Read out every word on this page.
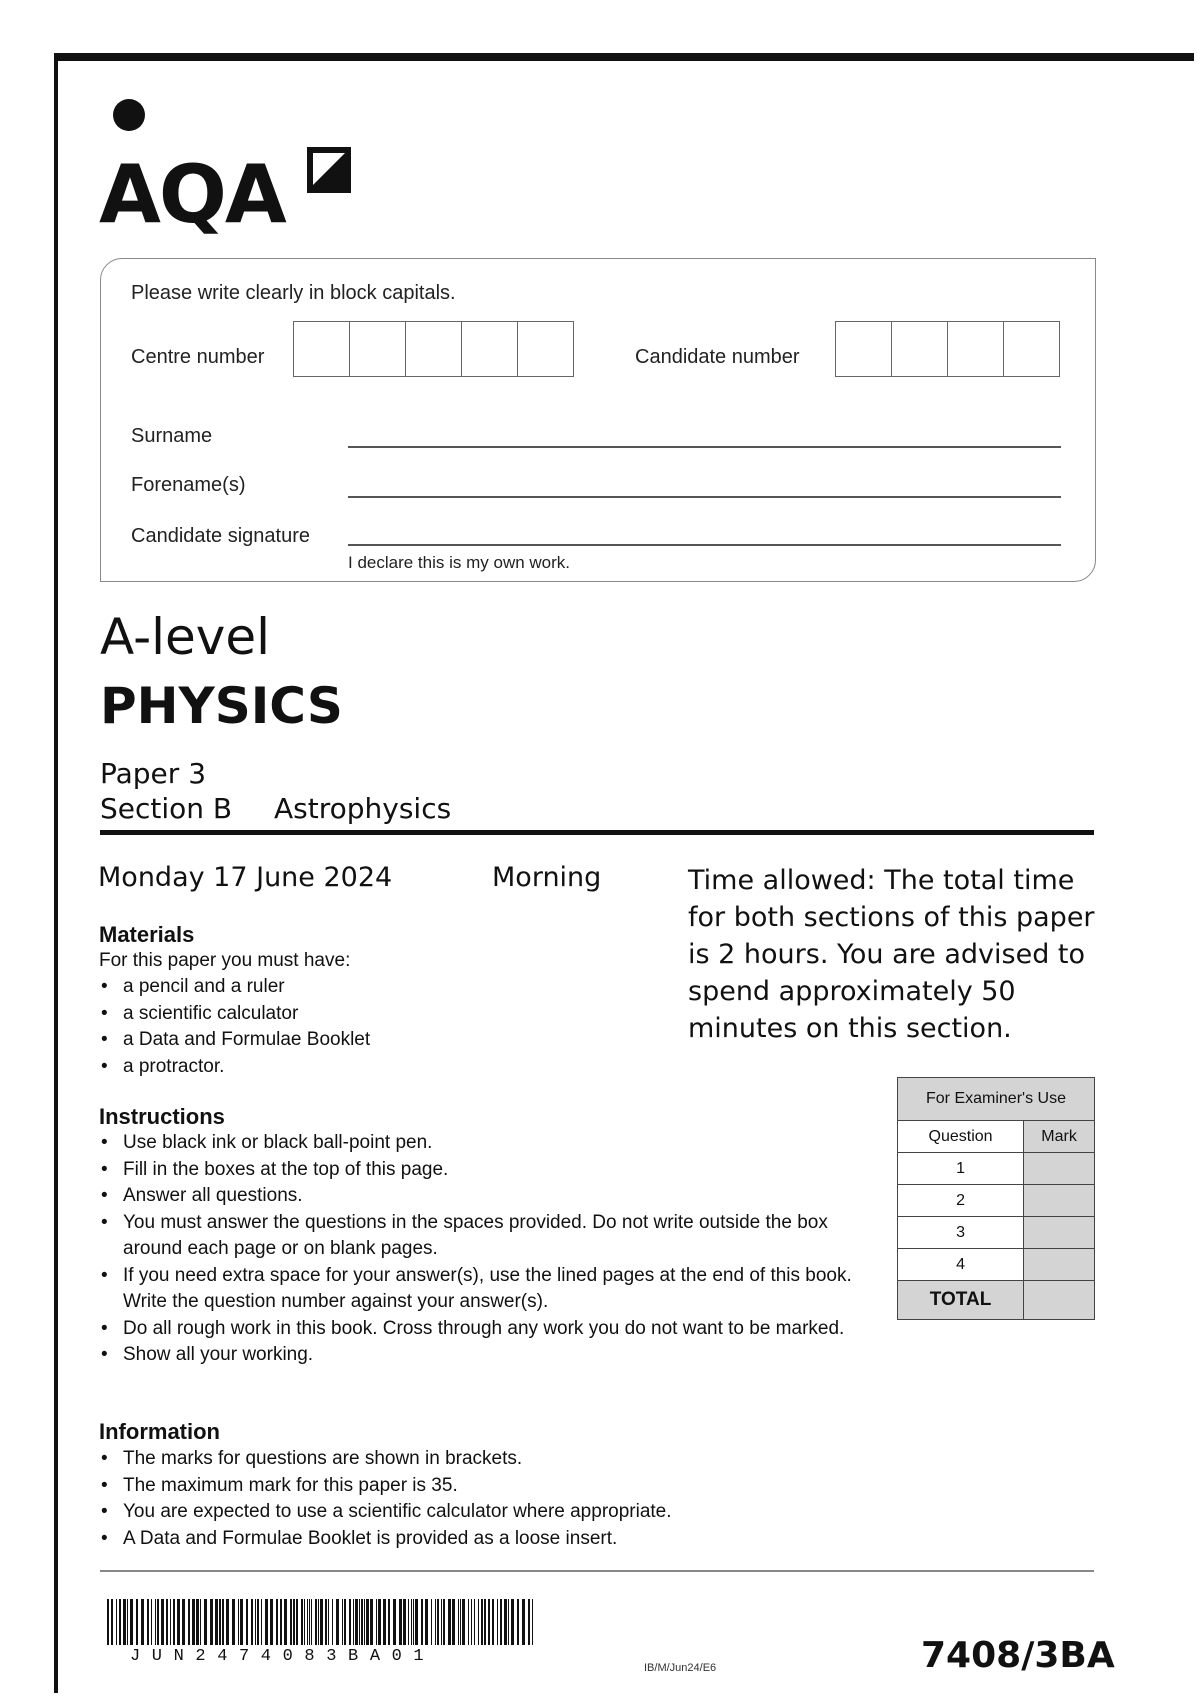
AQA
Please write clearly in block capitals.
Centre number	Candidate number
Surname
Forename(s)
Candidate signature
I declare this is my own work.
A-level
PHYSICS
Paper 3
Section B Astrophysics
Monday 17 June 2024	Morning	Time allowed: The total time for both sections of this paper is 2 hours. You are advised to spend approximately 50 minutes on this section.
Materials
For this paper you must have:
• a pencil and a ruler
• a scientific calculator
• a Data and Formulae Booklet
• a protractor.
Instructions
• Use black ink or black ball-point pen.
• Fill in the boxes at the top of this page.
• Answer all questions.
• You must answer the questions in the spaces provided. Do not write outside the box around each page or on blank pages.
• If you need extra space for your answer(s), use the lined pages at the end of this book. Write the question number against your answer(s).
• Do all rough work in this book. Cross through any work you do not want to be marked.
• Show all your working.
Information
• The marks for questions are shown in brackets.
• The maximum mark for this paper is 35.
• You are expected to use a scientific calculator where appropriate.
• A Data and Formulae Booklet is provided as a loose insert.
For Examiner's Use	
Question	Mark
1	
2	
3	
4	
TOTAL	
JUN2474083BA01
IB/M/Jun24/E6	7408/3BA
